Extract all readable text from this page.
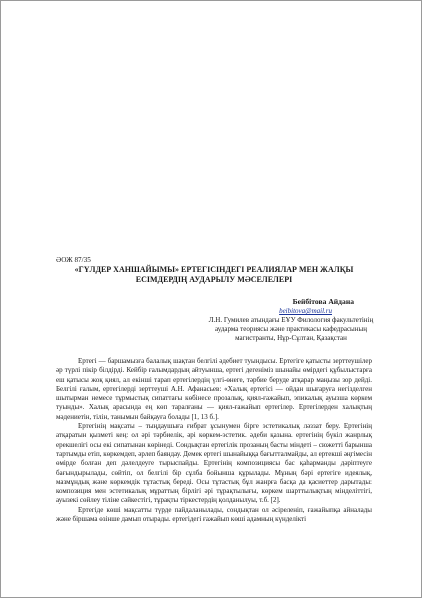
ӘОЖ 87/35

«ГҮЛДЕР ХАНШАЙЫМЫ» ЕРТЕГІСІНДЕГІ РЕАЛИЯЛАР МЕН ЖАЛҚЫ

ЕСІМДЕРДІҢ АУДАРЫЛУ МӘСЕЛЕЛЕРІ

Бейбітова Айдана

beibitova@mail.ru

Л.Н. Гумилев атындағы ЕҰУ Филология факультетінің
аударма теориясы және практикасы кафедрасының
магистранты, Нұр-Сұлтан, Қазақстан

Ертегі — баршамызға балалық шақтан белгілі әдебиет туындысы. Ертегіге қатысты зерттеушілер әр түрлі пікір білдірді. Кейбір ғалымдардың айтуынша, ертегі дегеніміз шынайы өмірдегі құбылыстарға еш қатысы жоқ қиял, ал екінші тарап ертегілердің үлгі-өнеге, тәрбие беруде атқарар маңызы зор дейді. Белгілі ғалым, ертегілерді зерттеуші А.Н. Афанасьев: «Халық ертегісі — ойдан шығаруға негізделген шытырман немесе тұрмыстық сипаттағы көбінесе прозалық, қиял-ғажайып, эпикалық ауызша көркем туынды». Халық арасында ең көп таралғаны — қиял-ғажайып ертегілер. Ертегілерден халықтың мәдениетін, тілін, танымын байқауға болады [1, 13 б.].

Ертегінің мақсаты – тыңдаушыға ғибрат ұсынумен бірге эстетикалық ләззат беру. Ертегінің атқаратын қызметі кең: ол әрі тәрбиелік, әрі көркем-эстетик. әдеби қазына. ертегінің бүкіл жанрлық ерекшелігі осы екі сипатынан көрінеді. Сондықтан ертегілік прозаның басты міндеті – сюжетті барынша тартымды етіп, көркемдеп, әрлеп баяндау. Демек ертегі шынайыққа бағытталмайды, ал ертекші әңгімесін өмірде болған деп дәлелдеуге тырыспайды. Ертегінің композициясы бас қаһарманды дәріптеуге бағындырылады, сөйтіп, ол белгілі бір сұлба бойынша құрылады. Мұның бәрі ертегіге идеялық, мазмұндық және көркемдік тұтастық береді. Осы тұтастық бұл жанрға басқа да қасиеттер дарытады: композиция мен эстетикалық мұраттың бірлігі әрі тұрақтылығы, көркем шарттылықтың мінделіттігі, ауызекі сөйлеу тіліне сәйкестігі, тұрақты тіркестердің қолданылуы, т.б. [2].

Ертегіде көші мақсатты түрде пайдаланылады, сондықтан ол әсіреленіп, ғажайыпқа айналады және біршама өзінше дамып отырады. ертегідегі ғажайып көші адамның күнделікті
